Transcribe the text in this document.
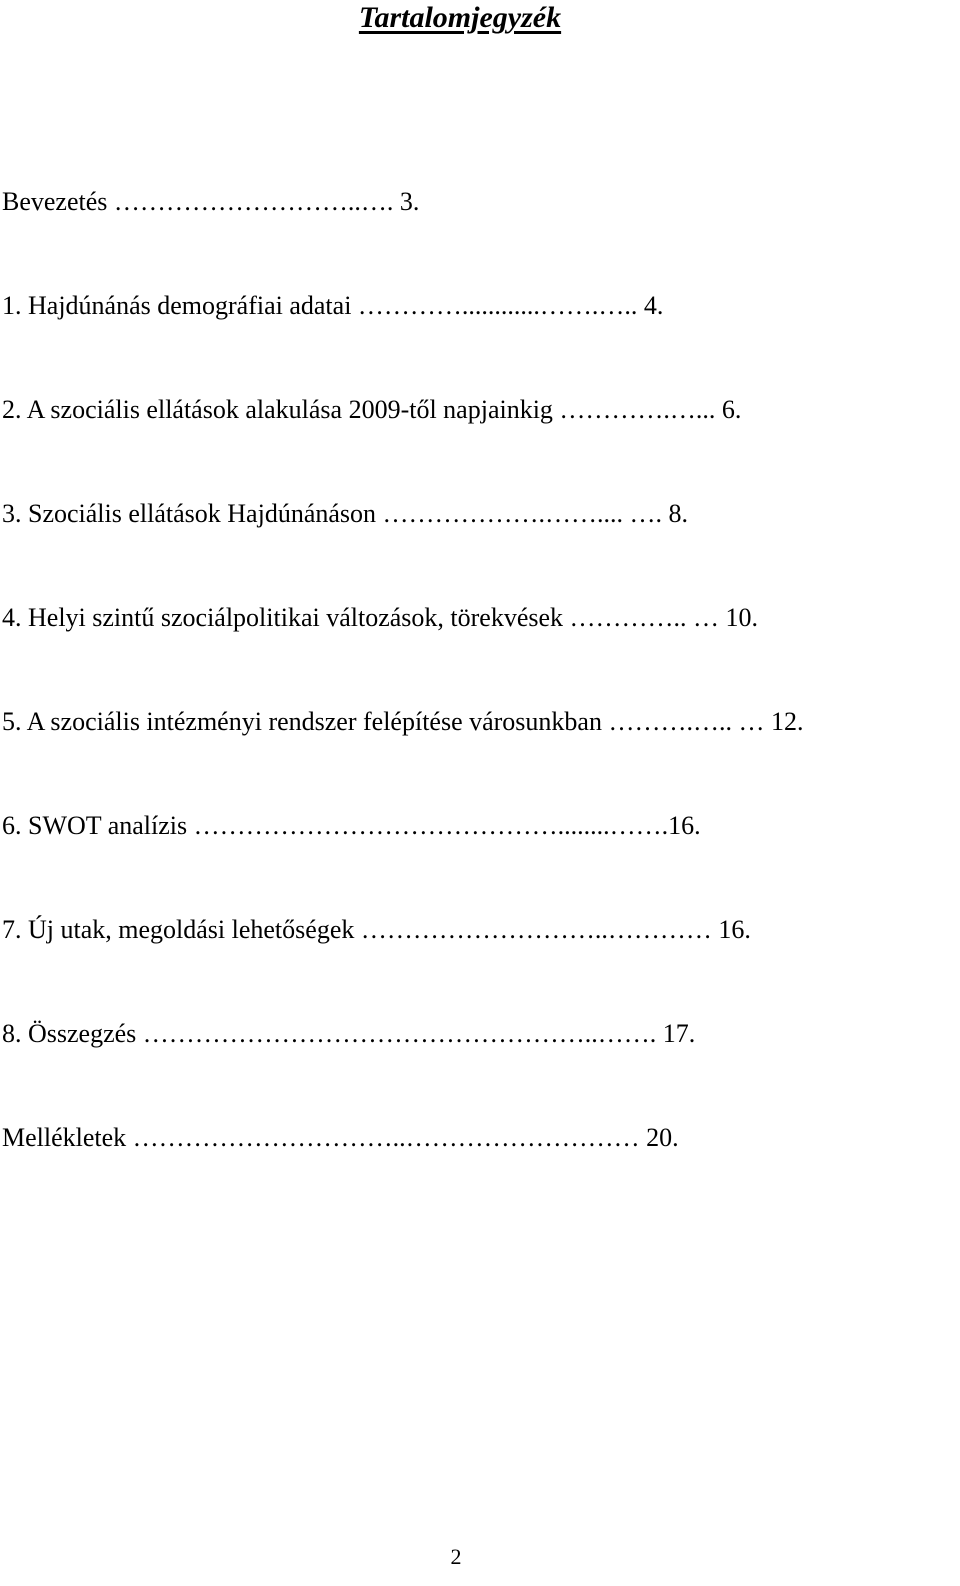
Tartalomjegyzék
Bevezetés ………………………..…. 3.
1. Hajdúnánás demográfiai adatai …………............…….….. 4.
2. A szociális ellátások alakulása 2009-től napjainkig ………….…... 6.
3. Szociális ellátások Hajdúnánáson ……………….…….... …. 8.
4. Helyi szintű szociálpolitikai változások, törekvések ………….. … 10.
5. A szociális intézményi rendszer felépítése városunkban ……….….. … 12.
6. SWOT analízis ……………………………………........…….16.
7. Új utak, megoldási lehetőségek ………………………..………… 16.
8. Összegzés ……………………………………………..……. 17.
Mellékletek …………………………..……………………… 20.
2
